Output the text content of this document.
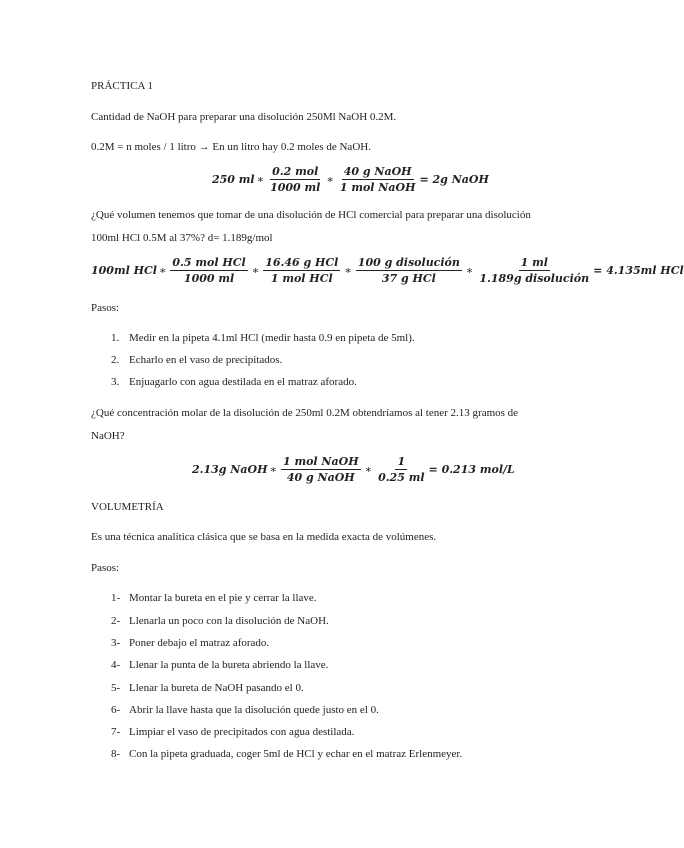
PRÁCTICA 1
Cantidad de NaOH para preparar una disolución 250Ml NaOH 0.2M.
0.2M = n moles / 1 litro → En un litro hay 0.2 moles de NaOH.
250 ml ∗ $\frac{\text{0.2 mol}}{1000 ml}$ ∗ $\frac{\text{40 g NaOH}}{\text{1 mol NaOH}} = 2g$ NaOH
¿Qué volumen tenemos que tomar de una disolución de HCl comercial para preparar una disolución
100ml HCl 0.5M al 37%? d= 1.189g/mol
100ml HCl ∗ $\frac{\text{0.5 mol HCl}}{1000 ml}$ ∗ $\frac{\text{16.46 g HCl}}{\text{1 mol HCl}}$ ∗ $\frac{\text{100 g disolución}}{\text{37 g HCl}}$ ∗ $\frac{1 ml}{\text{1.189g disolución}} = 4.135ml$ HCl
Pasos:
1. Medir en la pipeta 4.1ml HCl (medir hasta 0.9 en pipeta de 5ml).
2. Echarlo en el vaso de precipitados.
3. Enjuagarlo con agua destilada en el matraz aforado.
¿Qué concentración molar de la disolución de 250ml 0.2M obtendríamos al tener 2.13 gramos de
NaOH?
2.13g NaOH ∗ $\frac{\text{1 mol NaOH}}{\text{40 g NaOH}}$ ∗ $\frac{1}{0.25 ml} = 0.213$ mol/L
VOLUMETRÍA
Es una técnica analítica clásica que se basa en la medida exacta de volúmenes.
Pasos:
1- Montar la bureta en el pie y cerrar la llave.
2- Llenarla un poco con la disolución de NaOH.
3- Poner debajo el matraz aforado.
4- Llenar la punta de la bureta abriendo la llave.
5- Llenar la bureta de NaOH pasando el 0.
6- Abrir la llave hasta que la disolución quede justo en el 0.
7- Limpiar el vaso de precipitados con agua destilada.
8- Con la pipeta graduada, coger 5ml de HCl y echar en el matraz Erlenmeyer.
